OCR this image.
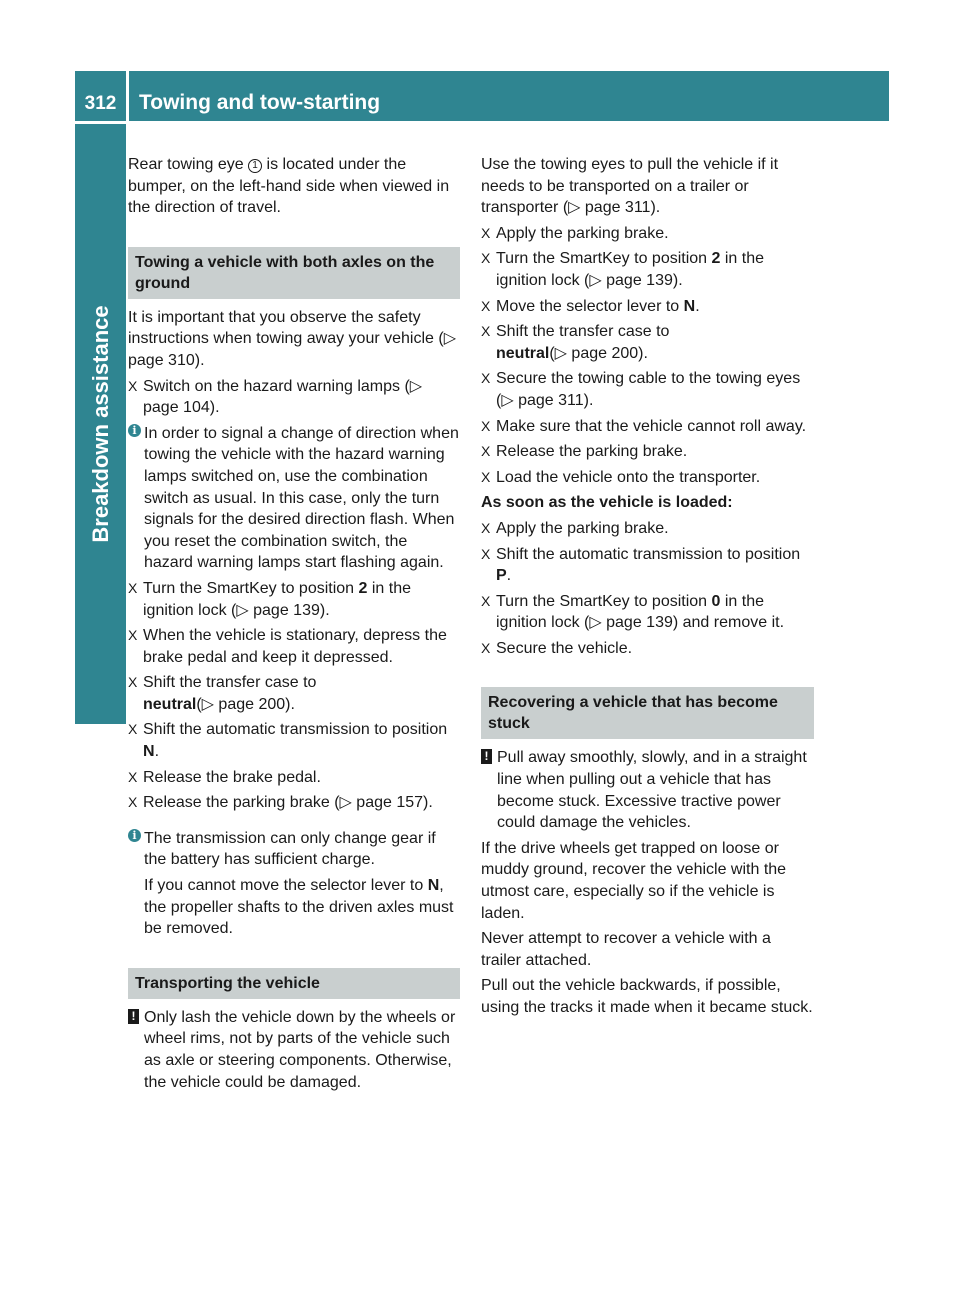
312	Towing and tow-starting
Breakdown assistance

Rear towing eye 1 is located under the bumper, on the left-hand side when viewed in the direction of travel.

Towing a vehicle with both axles on the ground

It is important that you observe the safety instructions when towing away your vehicle (▷ page 310).

X Switch on the hazard warning lamps (▷ page 104).
i In order to signal a change of direction when towing the vehicle with the hazard warning lamps switched on, use the combination switch as usual. In this case, only the turn signals for the desired direction flash. When you reset the combination switch, the hazard warning lamps start flashing again.
X Turn the SmartKey to position 2 in the ignition lock (▷ page 139).
X When the vehicle is stationary, depress the brake pedal and keep it depressed.
X Shift the transfer case to
neutral(▷ page 200).
X Shift the automatic transmission to position N.
X Release the brake pedal.
X Release the parking brake (▷ page 157).
i The transmission can only change gear if the battery has sufficient charge.

If you cannot move the selector lever to N, the propeller shafts to the driven axles must be removed.

Transporting the vehicle
! Only lash the vehicle down by the wheels or wheel rims, not by parts of the vehicle such as axle or steering components. Otherwise, the vehicle could be damaged.

Use the towing eyes to pull the vehicle if it needs to be transported on a trailer or transporter (▷ page 311).

X Apply the parking brake.
X Turn the SmartKey to position 2 in the ignition lock (▷ page 139).
X Move the selector lever to N.
X Shift the transfer case to
neutral(▷ page 200).
X Secure the towing cable to the towing eyes (▷ page 311).
X Make sure that the vehicle cannot roll away.
X Release the parking brake.
X Load the vehicle onto the transporter.

As soon as the vehicle is loaded:

X Apply the parking brake.
X Shift the automatic transmission to position P.
X Turn the SmartKey to position 0 in the ignition lock (▷ page 139) and remove it.
X Secure the vehicle.
Recovering a vehicle that has become stuck
! Pull away smoothly, slowly, and in a straight line when pulling out a vehicle that has become stuck. Excessive tractive power could damage the vehicles.

If the drive wheels get trapped on loose or muddy ground, recover the vehicle with the utmost care, especially so if the vehicle is laden.

Never attempt to recover a vehicle with a trailer attached.

Pull out the vehicle backwards, if possible, using the tracks it made when it became stuck.
